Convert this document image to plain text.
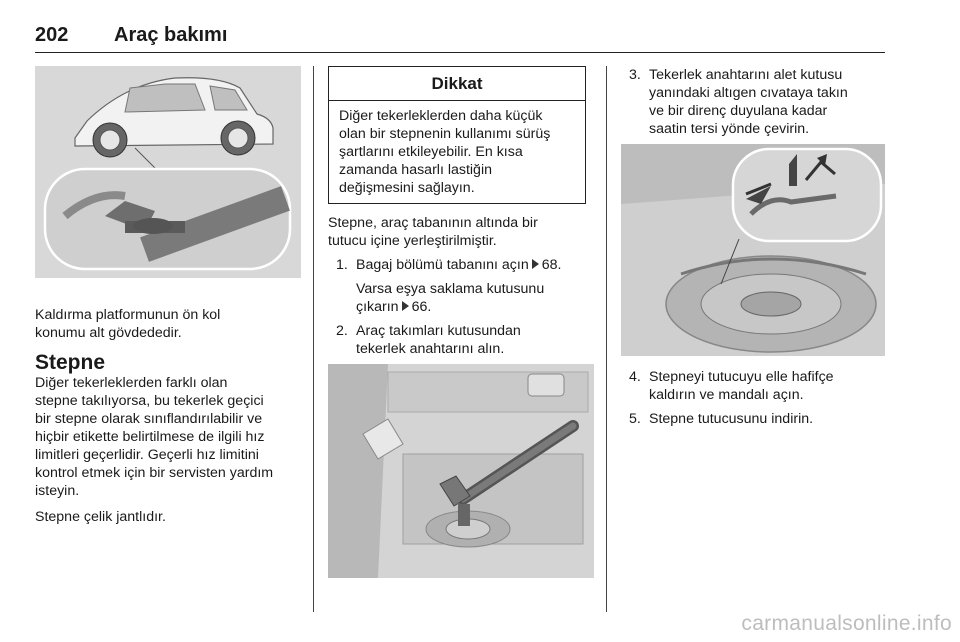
202 Araç bakımı

Kaldırma platformunun ön kol

konumu alt gövdededir.

Stepne

Diğer tekerleklerden farklı olan

stepne takılıyorsa, bu tekerlek geçici

bir stepne olarak sınıflandırılabilir ve

hiçbir etikette belirtilmese de ilgili hız

limitleri geçerlidir. Geçerli hız limitini

kontrol etmek için bir servisten yardım

isteyin.

Stepne çelik jantlıdır.

Dikkat

Diğer tekerleklerden daha küçük

olan bir stepnenin kullanımı sürüş

şartlarını etkileyebilir. En kısa

zamanda hasarlı lastiğin

değişmesini sağlayın.

Stepne, araç tabanının altında bir

tutucu içine yerleştirilmiştir.

1. Bagaj bölümü tabanını açın 68.

Varsa eşya saklama kutusunu

çıkarın 66.

2. Araç takımları kutusundan

tekerlek anahtarını alın.

3. Tekerlek anahtarını alet kutusu

yanındaki altıgen cıvataya takın

ve bir direnç duyulana kadar

saatin tersi yönde çevirin.

4. Stepneyi tutucuyu elle hafifçe

kaldırın ve mandalı açın.

5. Stepne tutucusunu indirin.
carmanualsonline.info
